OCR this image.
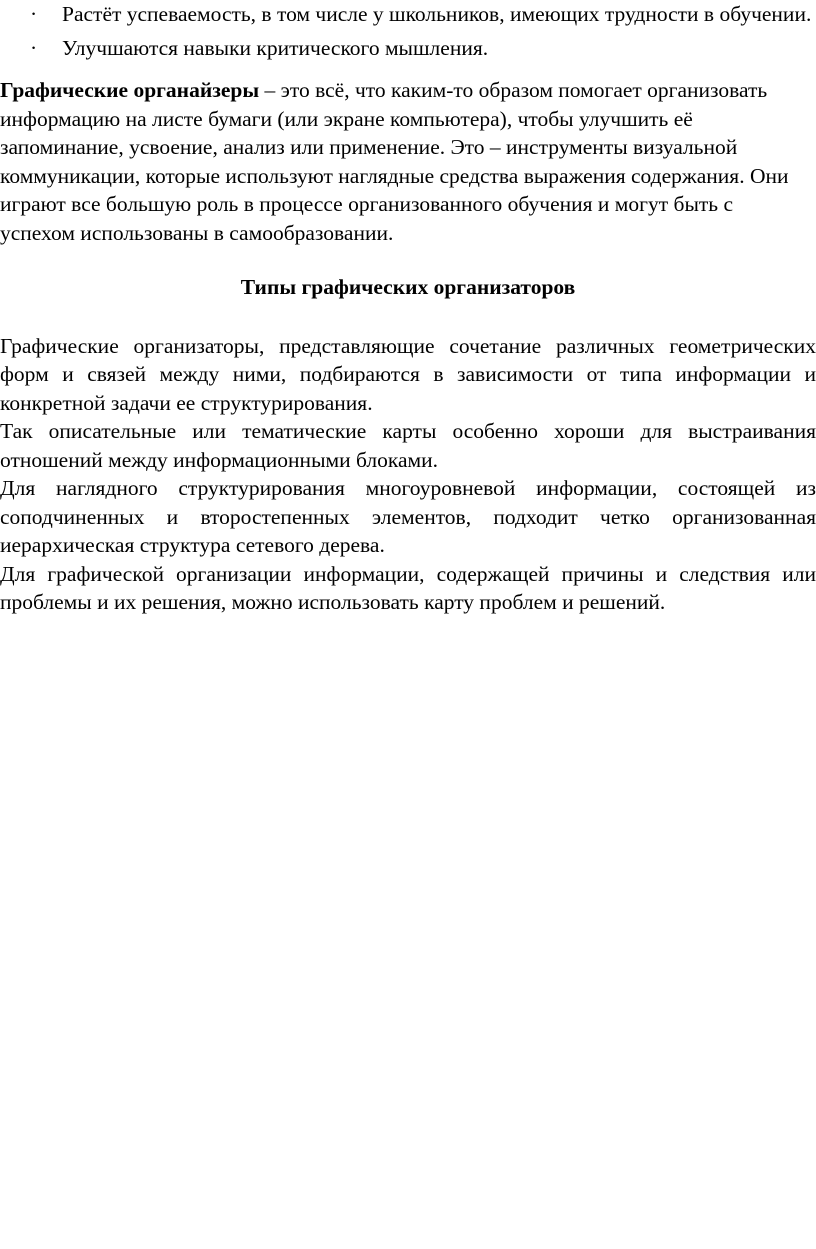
· Растёт успеваемость, в том числе у школьников, имеющих трудности в обучении.
· Улучшаются навыки критического мышления.

Графические органайзеры – это всё, что каким-то образом помогает организовать информацию на листе бумаги (или экране компьютера), чтобы улучшить её запоминание, усвоение, анализ или применение. Это – инструменты визуальной коммуникации, которые используют наглядные средства выражения содержания. Они играют все большую роль в процессе организованного обучения и могут быть с успехом использованы в самообразовании.

Типы графических организаторов

Графические организаторы, представляющие сочетание различных геометрических форм и связей между ними, подбираются в зависимости от типа информации и конкретной задачи ее структурирования.

Так описательные или тематические карты особенно хороши для выстраивания отношений между информационными блоками.

Для наглядного структурирования многоуровневой информации, состоящей из соподчиненных и второстепенных элементов, подходит четко организованная иерархическая структура сетевого дерева.

Для графической организации информации, содержащей причины и следствия или проблемы и их решения, можно использовать карту проблем и решений.
